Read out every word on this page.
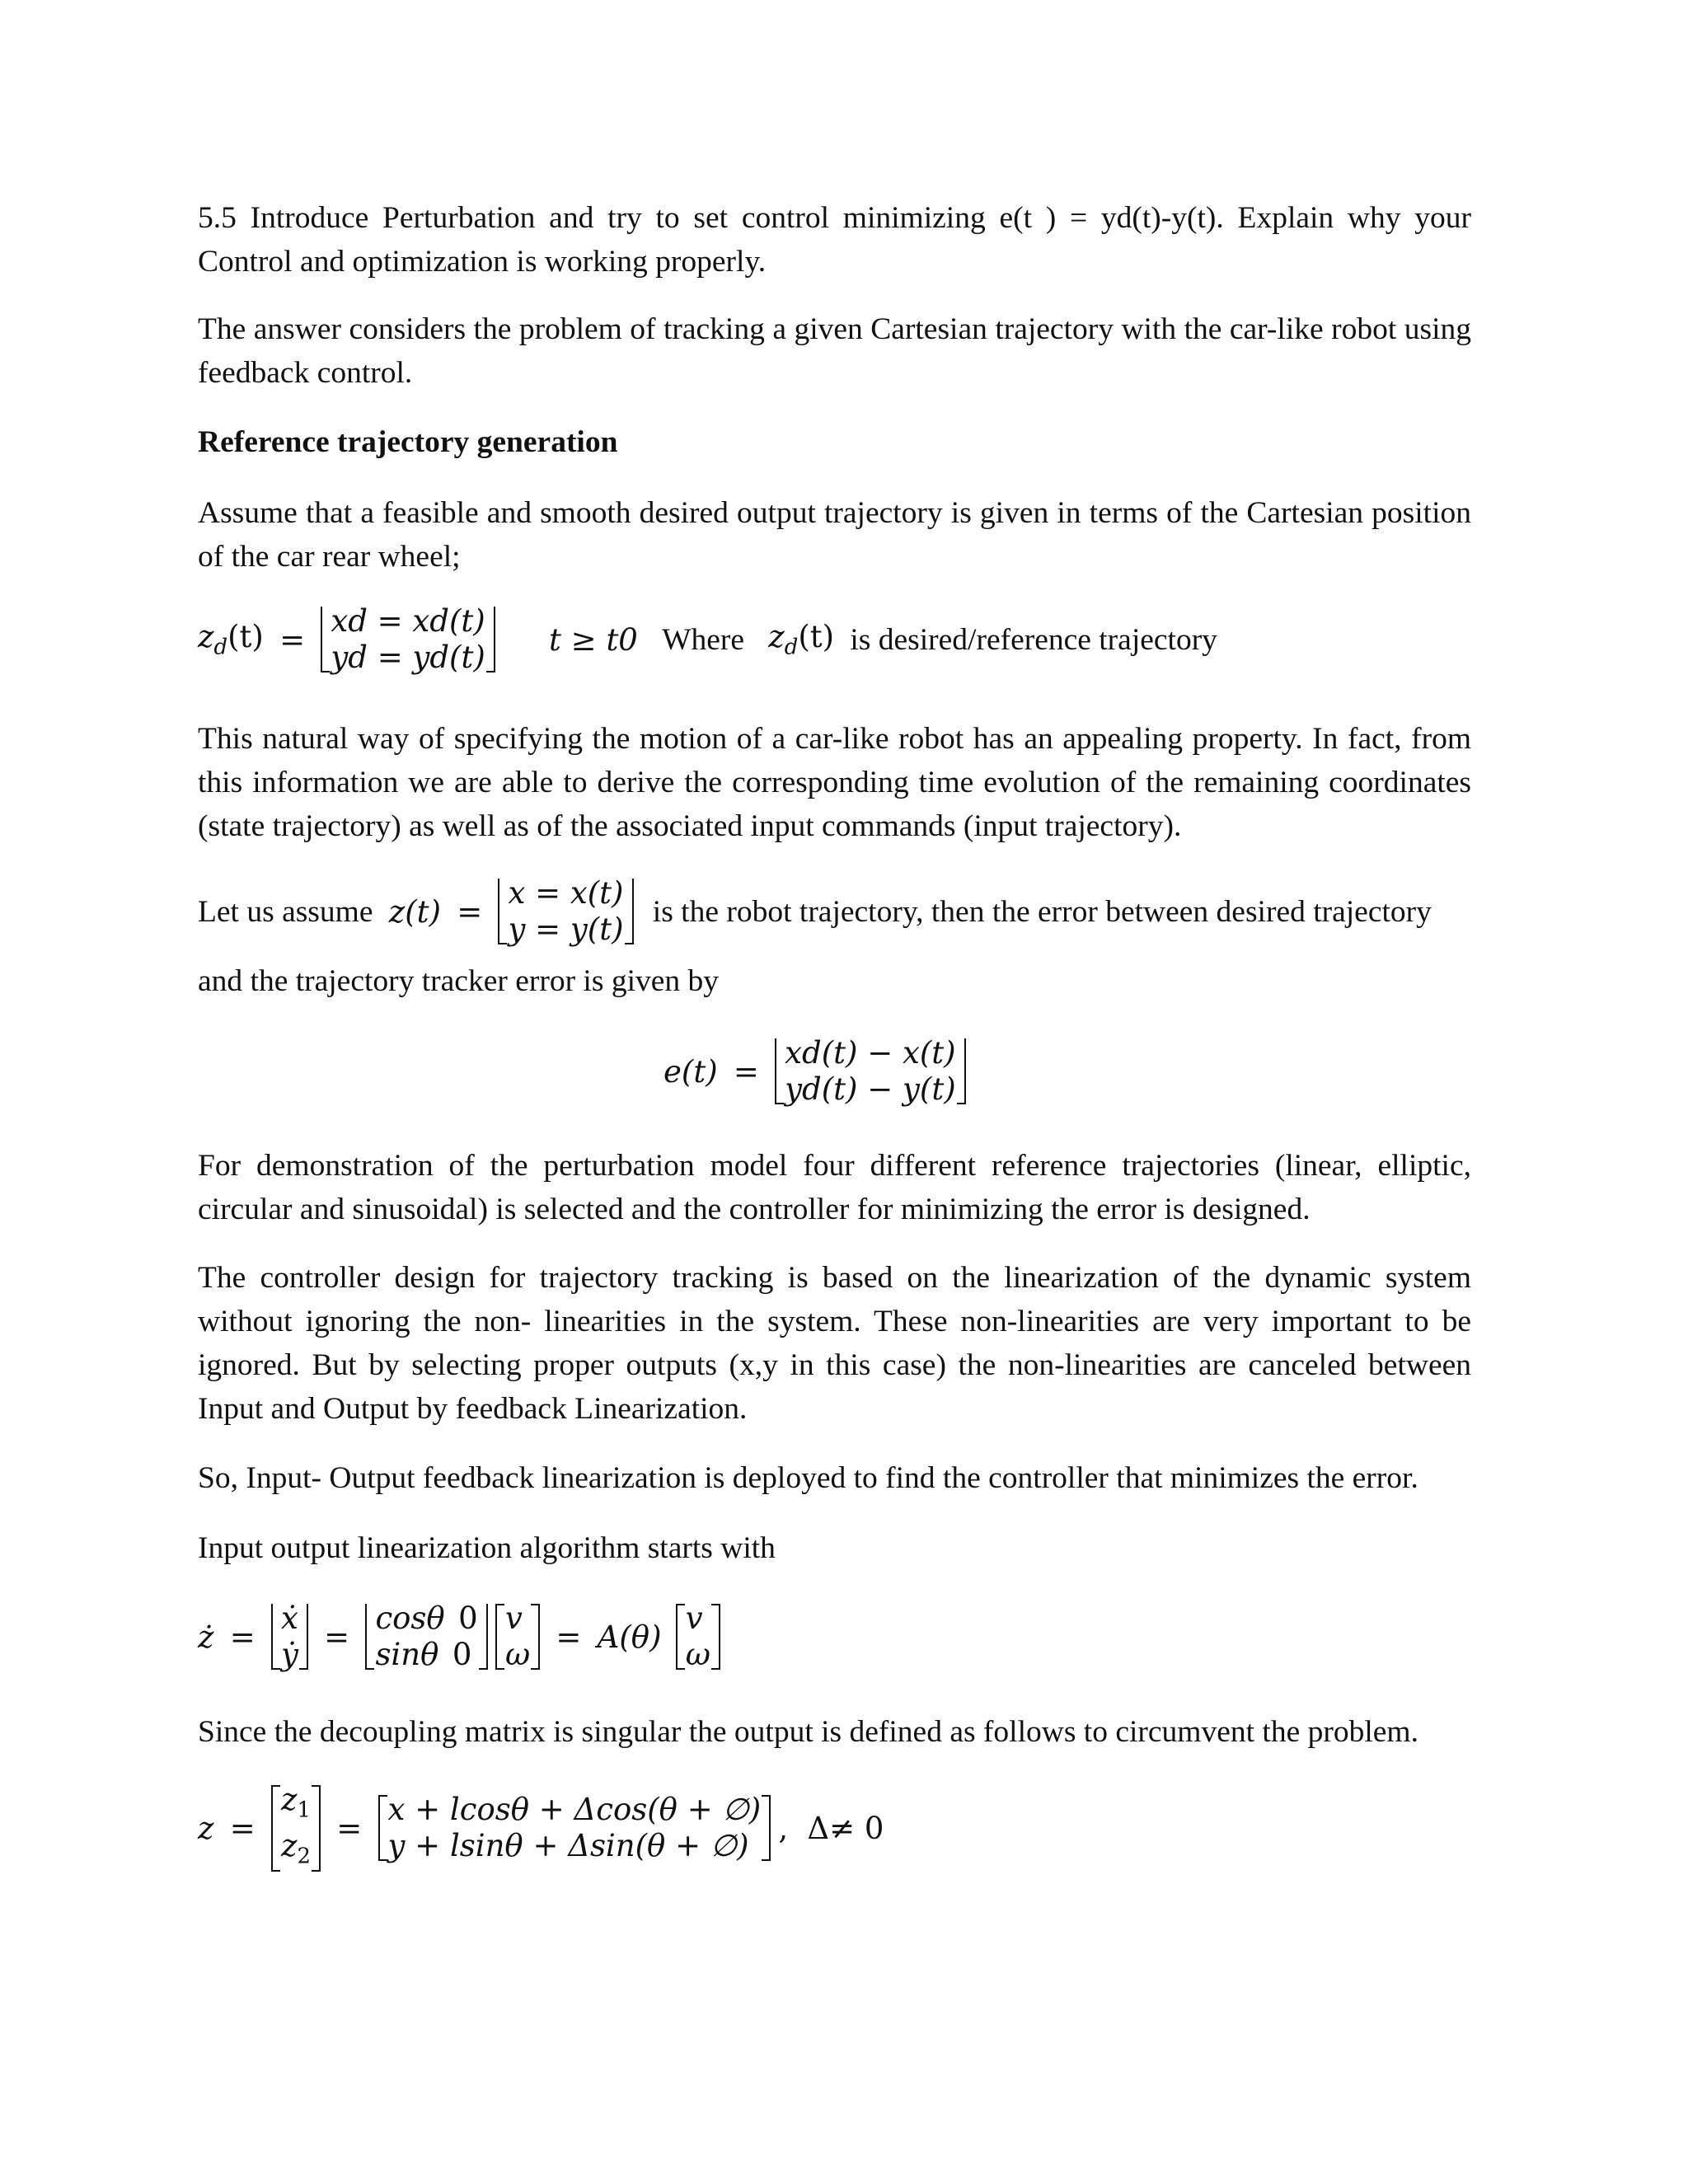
5.5 Introduce Perturbation and try to set control minimizing e(t ) = yd(t)-y(t). Explain why your Control and optimization is working properly.

The answer considers the problem of tracking a given Cartesian trajectory with the car-like robot using feedback control.

Reference trajectory generation

Assume that a feasible and smooth desired output trajectory is given in terms of the Cartesian position of the car rear wheel;

$z_d(t)$ =
xd = xd(t)
yd = yd(t) t ≥ t0 Where $z_d(t)$ is desired/reference trajectory

This natural way of specifying the motion of a car-like robot has an appealing property. In fact, from this information we are able to derive the corresponding time evolution of the remaining coordinates (state trajectory) as well as of the associated input commands (input trajectory).

Let us assume z(t) =
x = x(t)
y = y(t) is the robot trajectory, then the error between desired trajectory

and the trajectory tracker error is given by

e(t) =
xd(t) − x(t)
yd(t) − y(t)

For demonstration of the perturbation model four different reference trajectories (linear, elliptic, circular and sinusoidal) is selected and the controller for minimizing the error is designed.

The controller design for trajectory tracking is based on the linearization of the dynamic system without ignoring the non- linearities in the system. These non-linearities are very important to be ignored. But by selecting proper outputs (x,y in this case) the non-linearities are canceled between Input and Output by feedback Linearization.

So, Input- Output feedback linearization is deployed to find the controller that minimizes the error.

Input output linearization algorithm starts with

ż =
ẋ
ẏ =
cosθ 0
sinθ 0

v
ω = A(θ)
v
ω

Since the decoupling matrix is singular the output is defined as follows to circumvent the problem.

z =
$z_1$
$z_2$
=
x + lcosθ + Δcos(θ + ∅)
y + lsinθ + Δsin(θ + ∅) , Δ≠ 0
